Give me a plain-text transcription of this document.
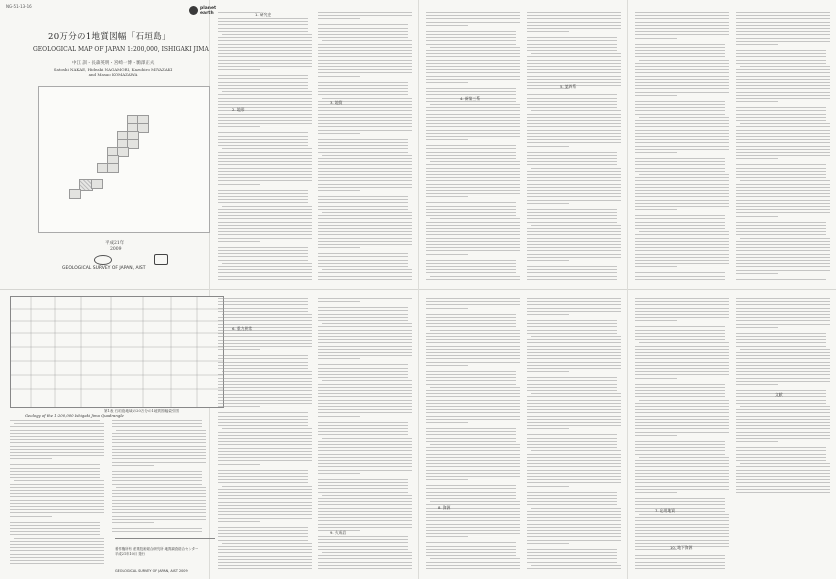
NG-51-13-16	planet earth
20万分の1地質図幅「石垣島」
GEOLOGICAL MAP OF JAPAN 1:200,000, ISHIGAKI JIMA
中江 訓・長森英明・宮崎一博・駒澤正夫
Satoshi NAKAE, Hideaki NAGAMORI, Kazuhiro MIYAZAKI
and Masao KOMAZAWA
平成21年
2009
GEOLOGICAL SURVEY OF JAPAN, AIST
第1表 石垣島地域の20万分の1地質図幅索引図
Geology of the 1:200,000 Ishigaki Jima Quadrangle
著作権所有 産業技術総合研究所 地質調査総合センター
平成21年10月 発行
GEOLOGICAL SURVEY OF JAPAN, AIST 2009
1. 研究史
2. 地形
3. 地質
4. 新第三系
5. 第四系
6. 重力異常
7. 応用地質
8. 資源
9. 火成岩
10. 地下資源
文献
